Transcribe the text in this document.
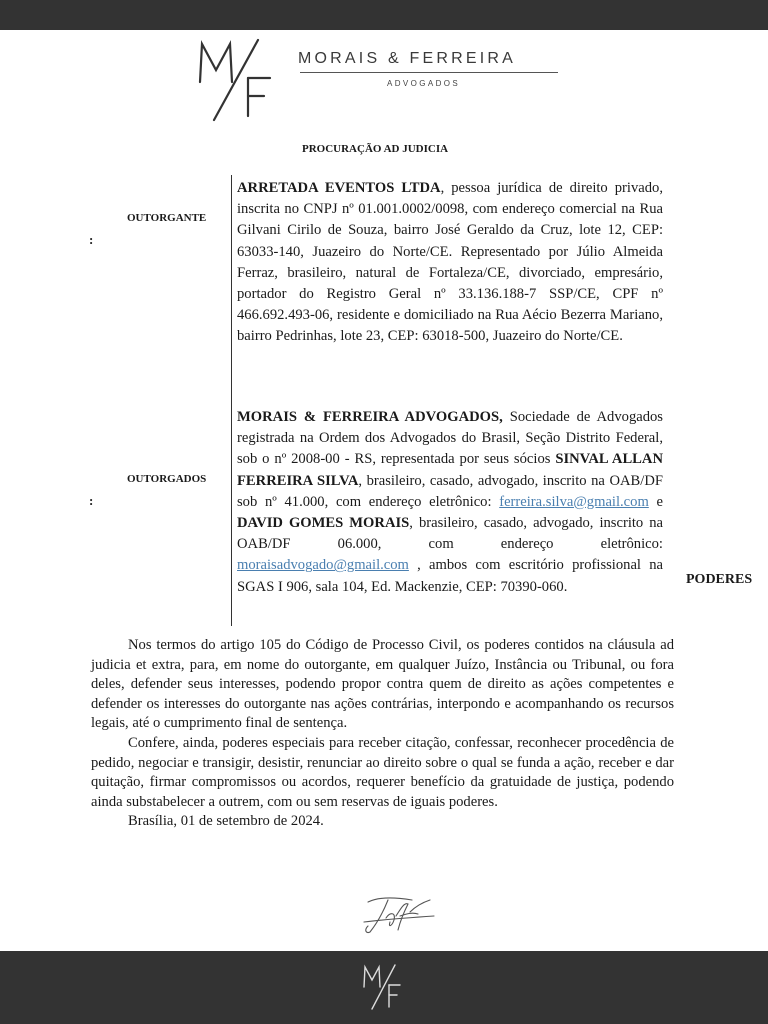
MORAIS & FERREIRA
ADVOGADOS
PROCURAÇÃO AD JUDICIA
OUTORGANTE
:
OUTORGADOS
:
ARRETADA EVENTOS LTDA, pessoa jurídica de direito privado, inscrita no CNPJ nº 01.001.0002/0098, com endereço comercial na Rua Gilvani Cirilo de Souza, bairro José Geraldo da Cruz, lote 12, CEP: 63033-140, Juazeiro do Norte/CE. Representado por Júlio Almeida Ferraz, brasileiro, natural de Fortaleza/CE, divorciado, empresário, portador do Registro Geral nº 33.136.188-7 SSP/CE, CPF nº 466.692.493-06, residente e domiciliado na Rua Aécio Bezerra Mariano, bairro Pedrinhas, lote 23, CEP: 63018-500, Juazeiro do Norte/CE.
MORAIS & FERREIRA ADVOGADOS, Sociedade de Advogados registrada na Ordem dos Advogados do Brasil, Seção Distrito Federal, sob o nº 2008-00 - RS, representada por seus sócios SINVAL ALLAN FERREIRA SILVA, brasileiro, casado, advogado, inscrito na OAB/DF sob nº 41.000, com endereço eletrônico: ferreira.silva@gmail.com e DAVID GOMES MORAIS, brasileiro, casado, advogado, inscrito na OAB/DF 06.000, com endereço eletrônico: moraisadvogado@gmail.com , ambos com escritório profissional na SGAS I 906, sala 104, Ed. Mackenzie, CEP: 70390-060.	PODERES

Nos termos do artigo 105 do Código de Processo Civil, os poderes contidos na cláusula ad judicia et extra, para, em nome do outorgante, em qualquer Juízo, Instância ou Tribunal, ou fora deles, defender seus interesses, podendo propor contra quem de direito as ações competentes e defender os interesses do outorgante nas ações contrárias, interpondo e acompanhando os recursos legais, até o cumprimento final de sentença.

Confere, ainda, poderes especiais para receber citação, confessar, reconhecer procedência de pedido, negociar e transigir, desistir, renunciar ao direito sobre o qual se funda a ação, receber e dar quitação, firmar compromissos ou acordos, requerer benefício da gratuidade de justiça, podendo ainda substabelecer a outrem, com ou sem reservas de iguais poderes.

Brasília, 01 de setembro de 2024.
